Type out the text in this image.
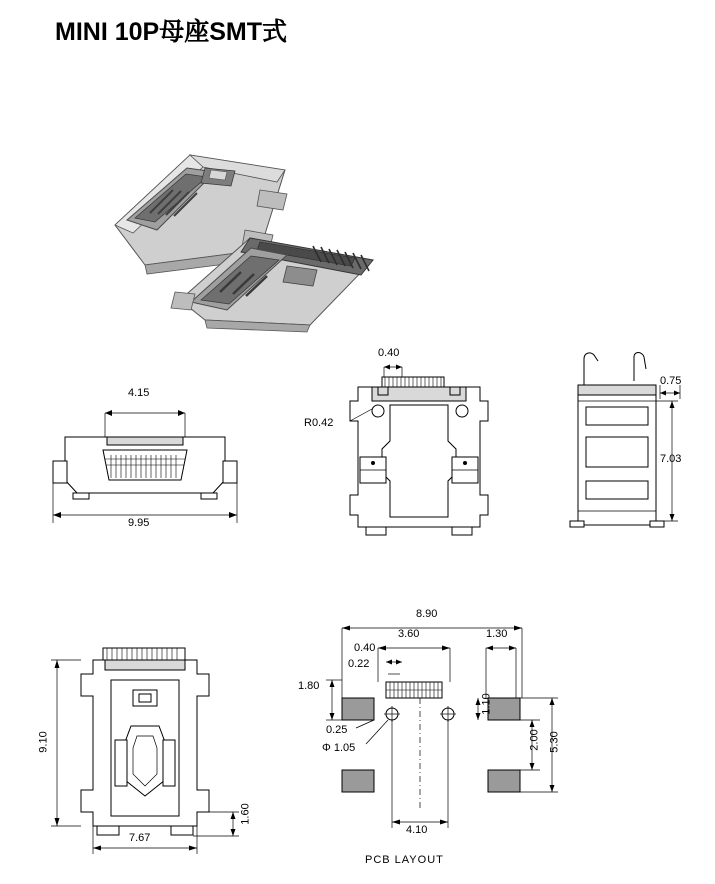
MINI 10P母座SMT式
4.15
9.95
0.40
R0.42
0.75
7.03
9.10
7.67
1.60
8.90
3.60	1.30
0.40
0.22
1.80
1.10
2.00 5.30
0.25
Φ 1.05
4.10
PCB LAYOUT
